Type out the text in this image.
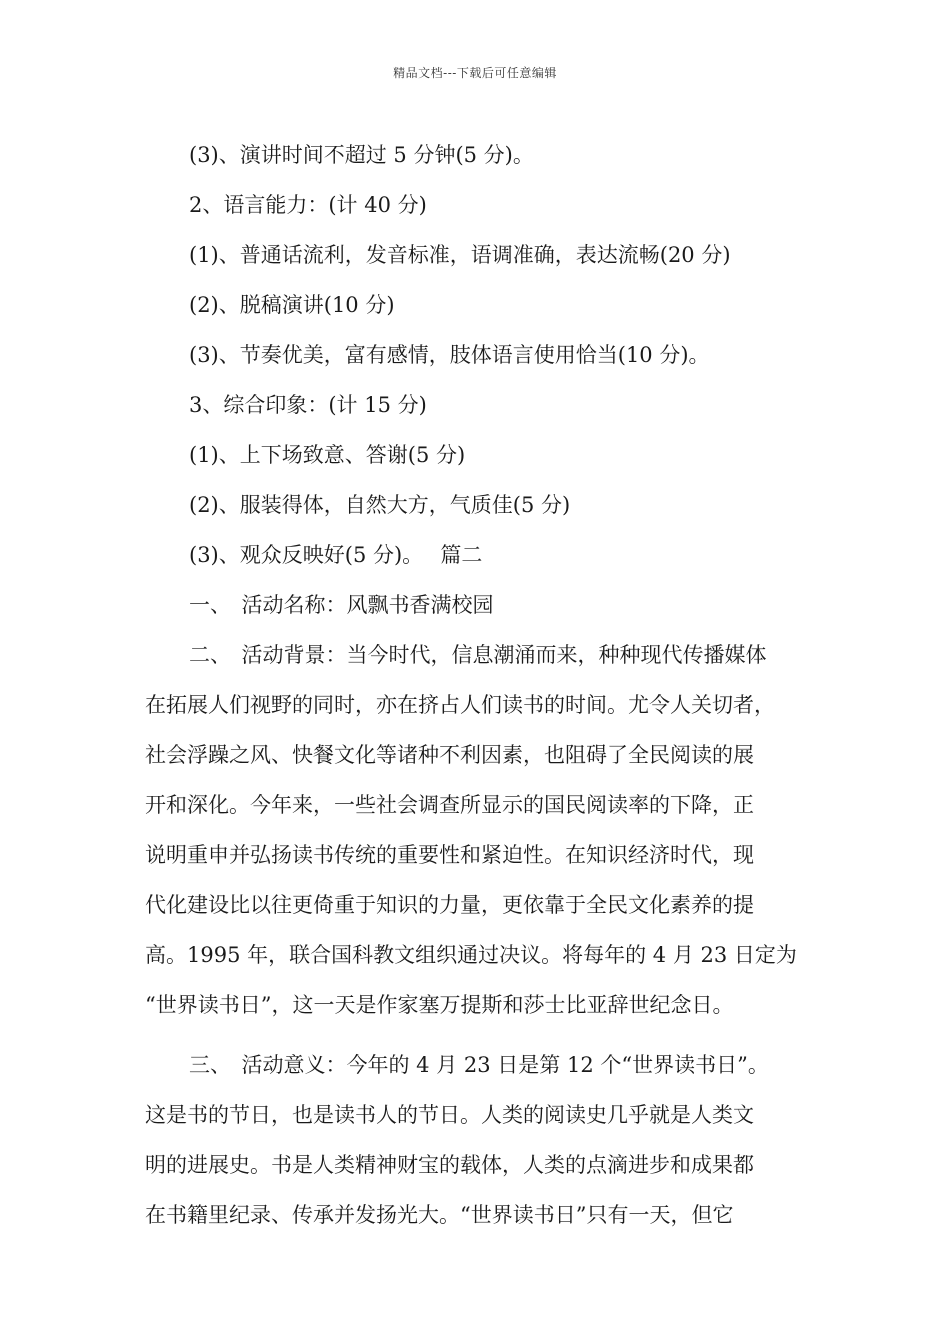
精品文档---下载后可任意编辑
(3)、演讲时间不超过 5 分钟(5 分)。
2、语言能力：(计 40 分)
(1)、普通话流利，发音标准，语调准确，表达流畅(20 分)
(2)、脱稿演讲(10 分)
(3)、节奏优美，富有感情，肢体语言使用恰当(10 分)。
3、综合印象：(计 15 分)
(1)、上下场致意、答谢(5 分)
(2)、服装得体，自然大方，气质佳(5 分)
(3)、观众反映好(5 分)。　 篇二
一、　活动名称：风飘书香满校园
二、　活动背景：当今时代，信息潮涌而来，种种现代传播媒体
在拓展人们视野的同时，亦在挤占人们读书的时间。尤令人关切者，
社会浮躁之风、快餐文化等诸种不利因素，也阻碍了全民阅读的展
开和深化。今年来，一些社会调查所显示的国民阅读率的下降，正
说明重申并弘扬读书传统的重要性和紧迫性。在知识经济时代，现
代化建设比以往更倚重于知识的力量，更依靠于全民文化素养的提
高。1995 年，联合国科教文组织通过决议。将每年的 4 月 23 日定为
“世界读书日”，这一天是作家塞万提斯和莎士比亚辞世纪念日。
三、　活动意义：今年的 4 月 23 日是第 12 个“世界读书日”。
这是书的节日，也是读书人的节日。人类的阅读史几乎就是人类文
明的进展史。书是人类精神财宝的载体，人类的点滴进步和成果都
在书籍里纪录、传承并发扬光大。“世界读书日”只有一天，但它
